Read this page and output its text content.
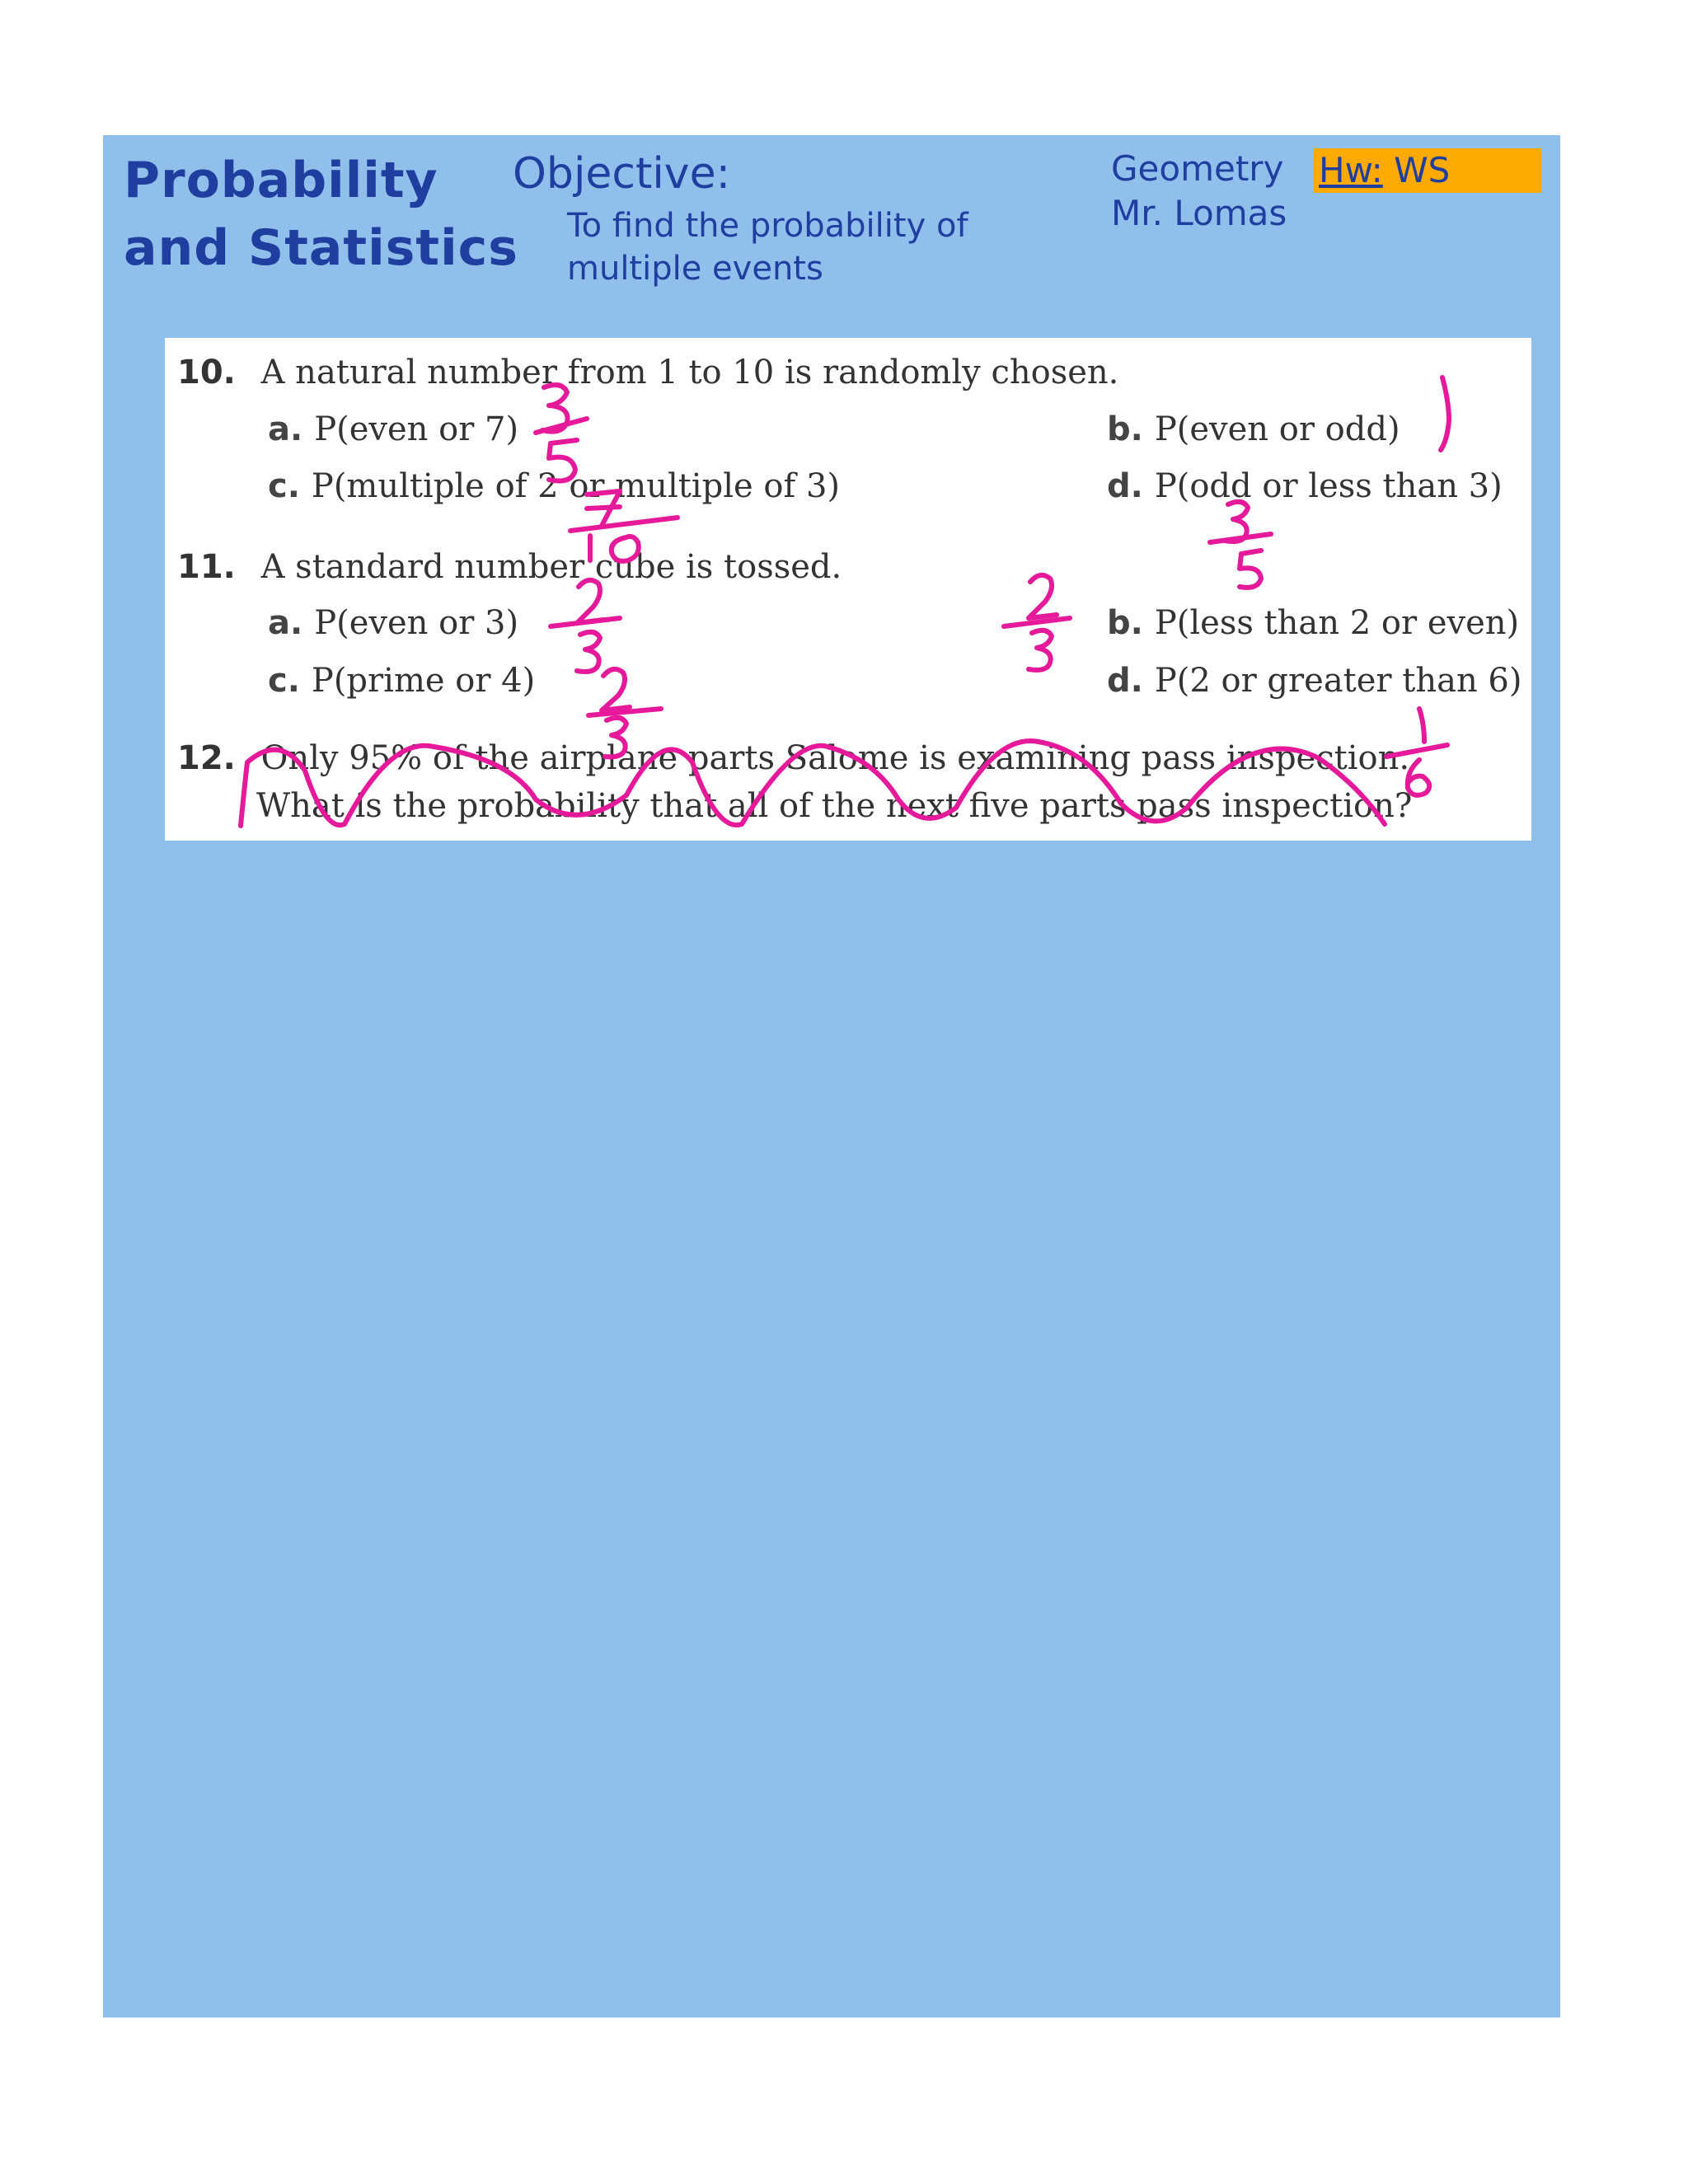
Probability
and Statistics
Objective:
To find the probability of
multiple events
Geometry
Mr. Lomas
Hw: WS
10. A natural number from 1 to 10 is randomly chosen.
a. P(even or 7)	b. P(even or odd)
c. P(multiple of 2 or multiple of 3)	d. P(odd or less than 3)
11. A standard number cube is tossed.
a. P(even or 3)	b. P(less than 2 or even)
c. P(prime or 4)	d. P(2 or greater than 6)
12. Only 95% of the airplane parts Salome is examining pass inspection.
What is the probability that all of the next five parts pass inspection?
